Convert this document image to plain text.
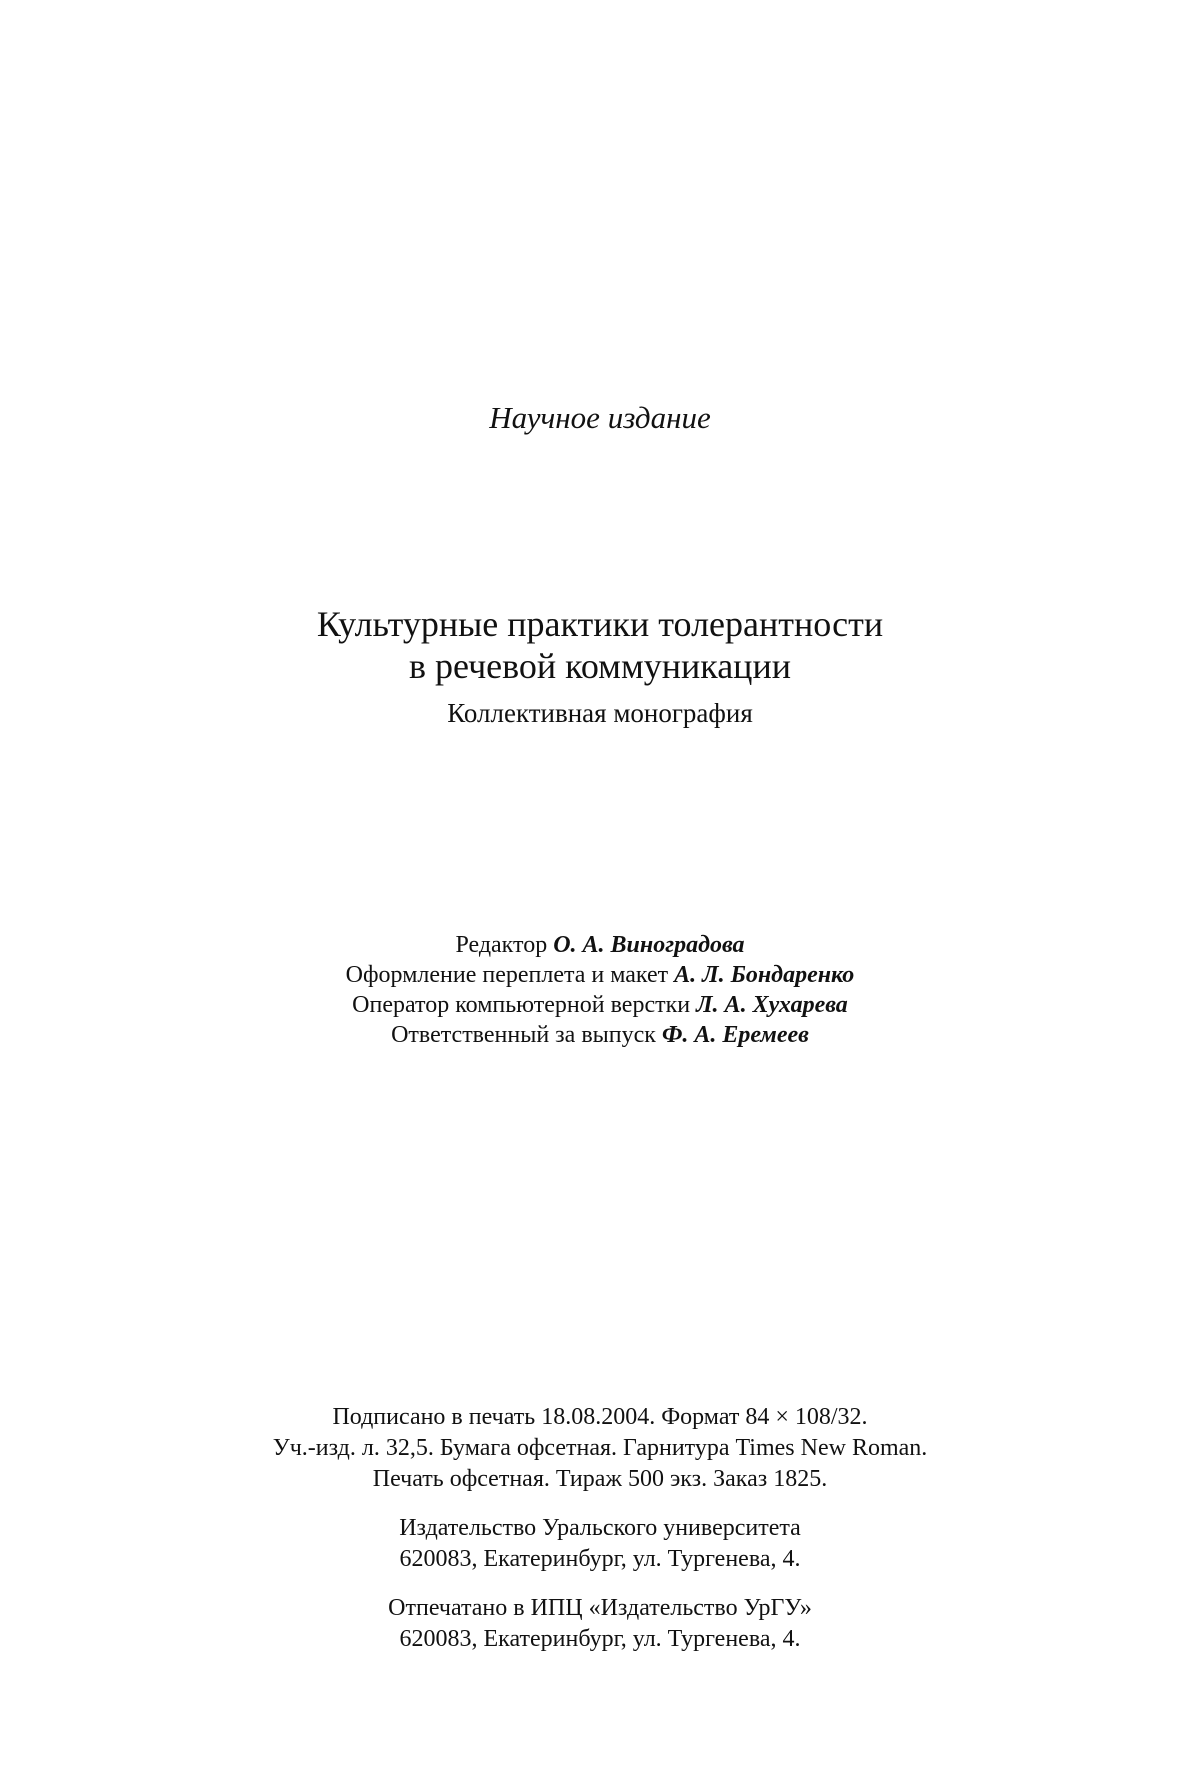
Научное издание
Культурные практики толерантности
в речевой коммуникации
Коллективная монография
Редактор О. А. Виноградова
Оформление переплета и макет А. Л. Бондаренко
Оператор компьютерной верстки Л. А. Хухарева
Ответственный за выпуск Ф. А. Еремеев
Подписано в печать 18.08.2004. Формат 84 × 108/32.
Уч.-изд. л. 32,5. Бумага офсетная. Гарнитура Times New Roman.
Печать офсетная. Тираж 500 экз. Заказ 1825.
Издательство Уральского университета
620083, Екатеринбург, ул. Тургенева, 4.
Отпечатано в ИПЦ «Издательство УрГУ»
620083, Екатеринбург, ул. Тургенева, 4.
